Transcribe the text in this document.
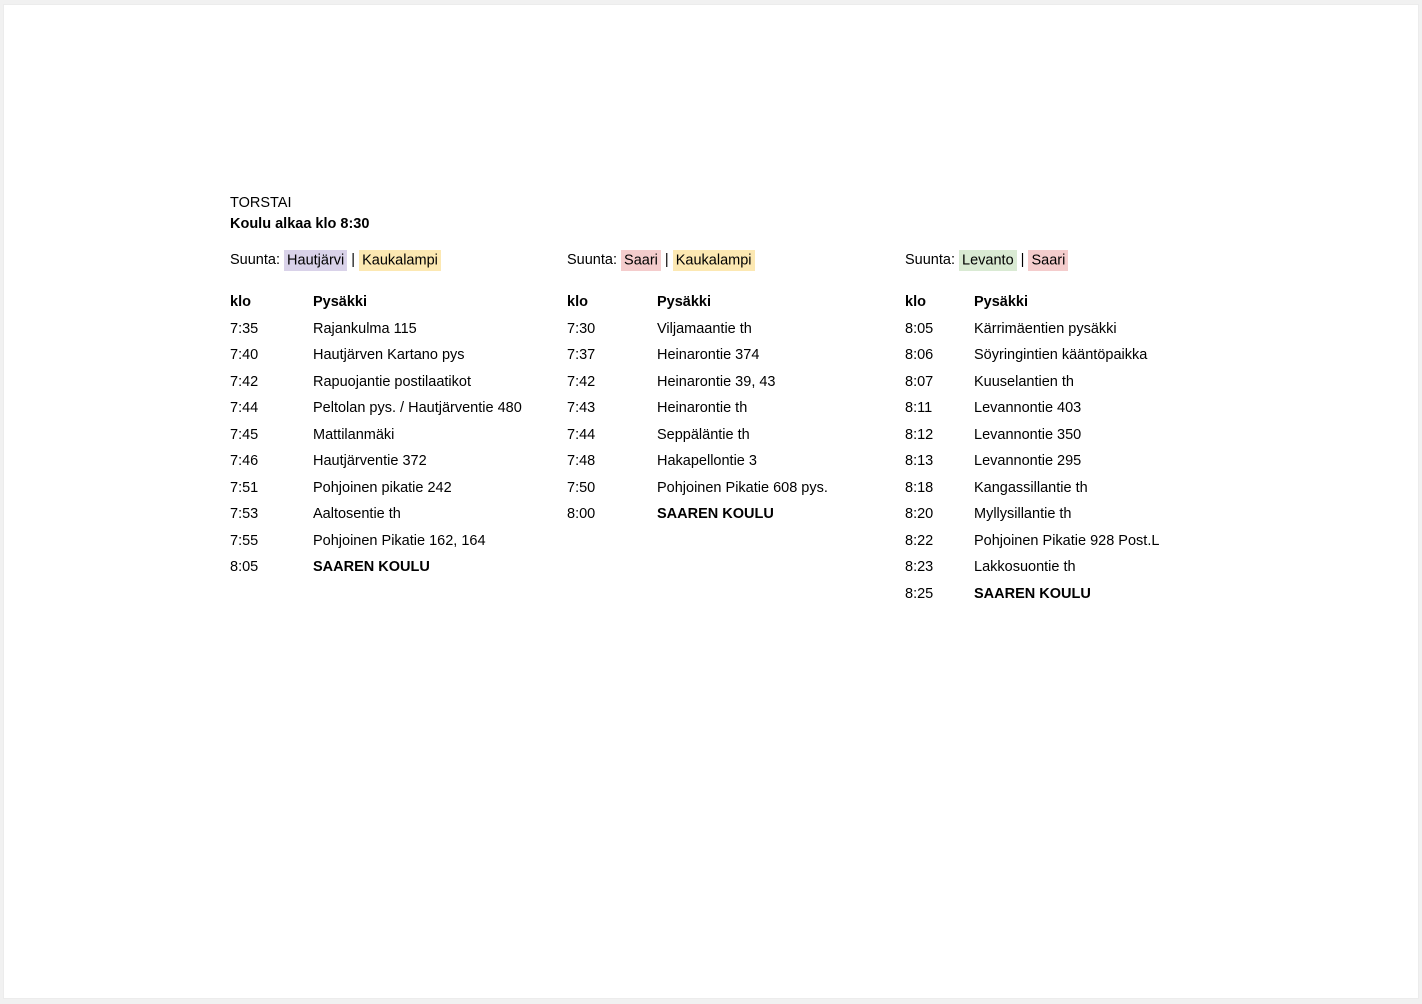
TORSTAI
Koulu alkaa klo 8:30
Suunta: Hautjärvi | Kaukalampi
klo	Pysäkki
7:35	Rajankulma 115
7:40	Hautjärven Kartano pys
7:42	Rapuojantie postilaatikot
7:44	Peltolan pys. / Hautjärventie 480
7:45	Mattilanmäki
7:46	Hautjärventie 372
7:51	Pohjoinen pikatie 242
7:53	Aaltosentie th
7:55	Pohjoinen Pikatie 162, 164
8:05	SAAREN KOULU
Suunta: Saari | Kaukalampi
klo	Pysäkki
7:30	Viljamaantie th
7:37	Heinarontie 374
7:42	Heinarontie 39, 43
7:43	Heinarontie th
7:44	Seppäläntie th
7:48	Hakapellontie 3
7:50	Pohjoinen Pikatie 608 pys.
8:00	SAAREN KOULU
Suunta: Levanto | Saari
klo	Pysäkki
8:05	Kärrimäentien pysäkki
8:06	Söyringintien kääntöpaikka
8:07	Kuuselantien th
8:11	Levannontie 403
8:12	Levannontie 350
8:13	Levannontie 295
8:18	Kangassillantie th
8:20	Myllysillantie th
8:22	Pohjoinen Pikatie 928 Post.L
8:23	Lakkosuontie th
8:25	SAAREN KOULU
